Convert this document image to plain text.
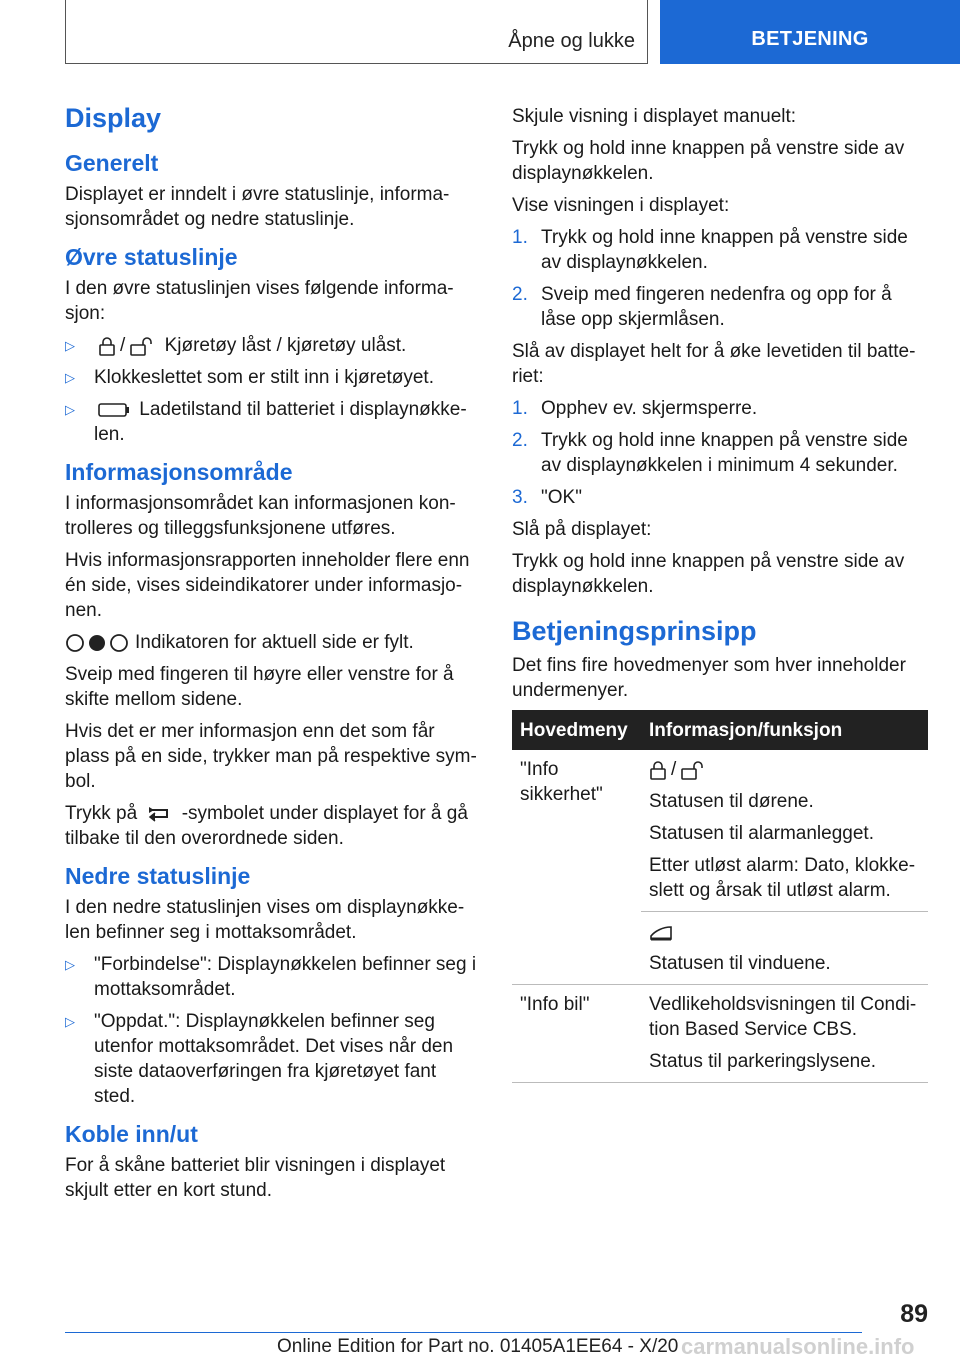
Åpne og lukke	BETJENING
Display
Generelt

Displayet er inndelt i øvre statuslinje, informasjonsområdet og nedre statuslinje.

Øvre statuslinje

I den øvre statuslinjen vises følgende informasjon:

▷	/ Kjøretøy låst / kjøretøy ulåst.
▷	Klokkeslettet som er stilt inn i kjøretøyet.
▷	Ladetilstand til batteriet i displaynøkkelen.
Informasjonsområde

I informasjonsområdet kan informasjonen kontrolleres og tilleggsfunksjonene utføres.

Hvis informasjonsrapporten inneholder flere enn én side, vises sideindikatorer under informasjonen.

Indikatoren for aktuell side er fylt.

Sveip med fingeren til høyre eller venstre for å skifte mellom sidene.

Hvis det er mer informasjon enn det som får plass på en side, trykker man på respektive symbol.

Trykk på -symbolet under displayet for å gå tilbake til den overordnede siden.

Nedre statuslinje

I den nedre statuslinjen vises om displaynøkkelen befinner seg i mottaksområdet.

▷	"Forbindelse": Displaynøkkelen befinner seg i mottaksområdet.
▷	"Oppdat.": Displaynøkkelen befinner seg utenfor mottaksområdet. Det vises når den siste dataoverføringen fra kjøretøyet fant sted.
Koble inn/ut

For å skåne batteriet blir visningen i displayet skjult etter en kort stund.

Skjule visning i displayet manuelt:

Trykk og hold inne knappen på venstre side av displaynøkkelen.

Vise visningen i displayet:

1. Trykk og hold inne knappen på venstre side av displaynøkkelen.
2. Sveip med fingeren nedenfra og opp for å låse opp skjermlåsen.

Slå av displayet helt for å øke levetiden til batteriet:

1. Opphev ev. skjermsperre.
2. Trykk og hold inne knappen på venstre side av displaynøkkelen i minimum 4 sekunder.
3. "OK"

Slå på displayet:

Trykk og hold inne knappen på venstre side av displaynøkkelen.

Betjeningsprinsipp

Det fins fire hovedmenyer som hver inneholder undermenyer.

Hovedmeny	Informasjon/funksjon
"Info sikkerhet"	/

Statusen til dørene.

Statusen til alarmanlegget.

Etter utløst alarm: Dato, klokkeslett og årsak til utløst alarm.

	Statusen til vinduene.

"Info bil"	Vedlikeholdsvisningen til Condition Based Service CBS.

Status til parkeringslysene.

89
Online Edition for Part no. 01405A1EE64 - X/20 carmanualsonline.info
